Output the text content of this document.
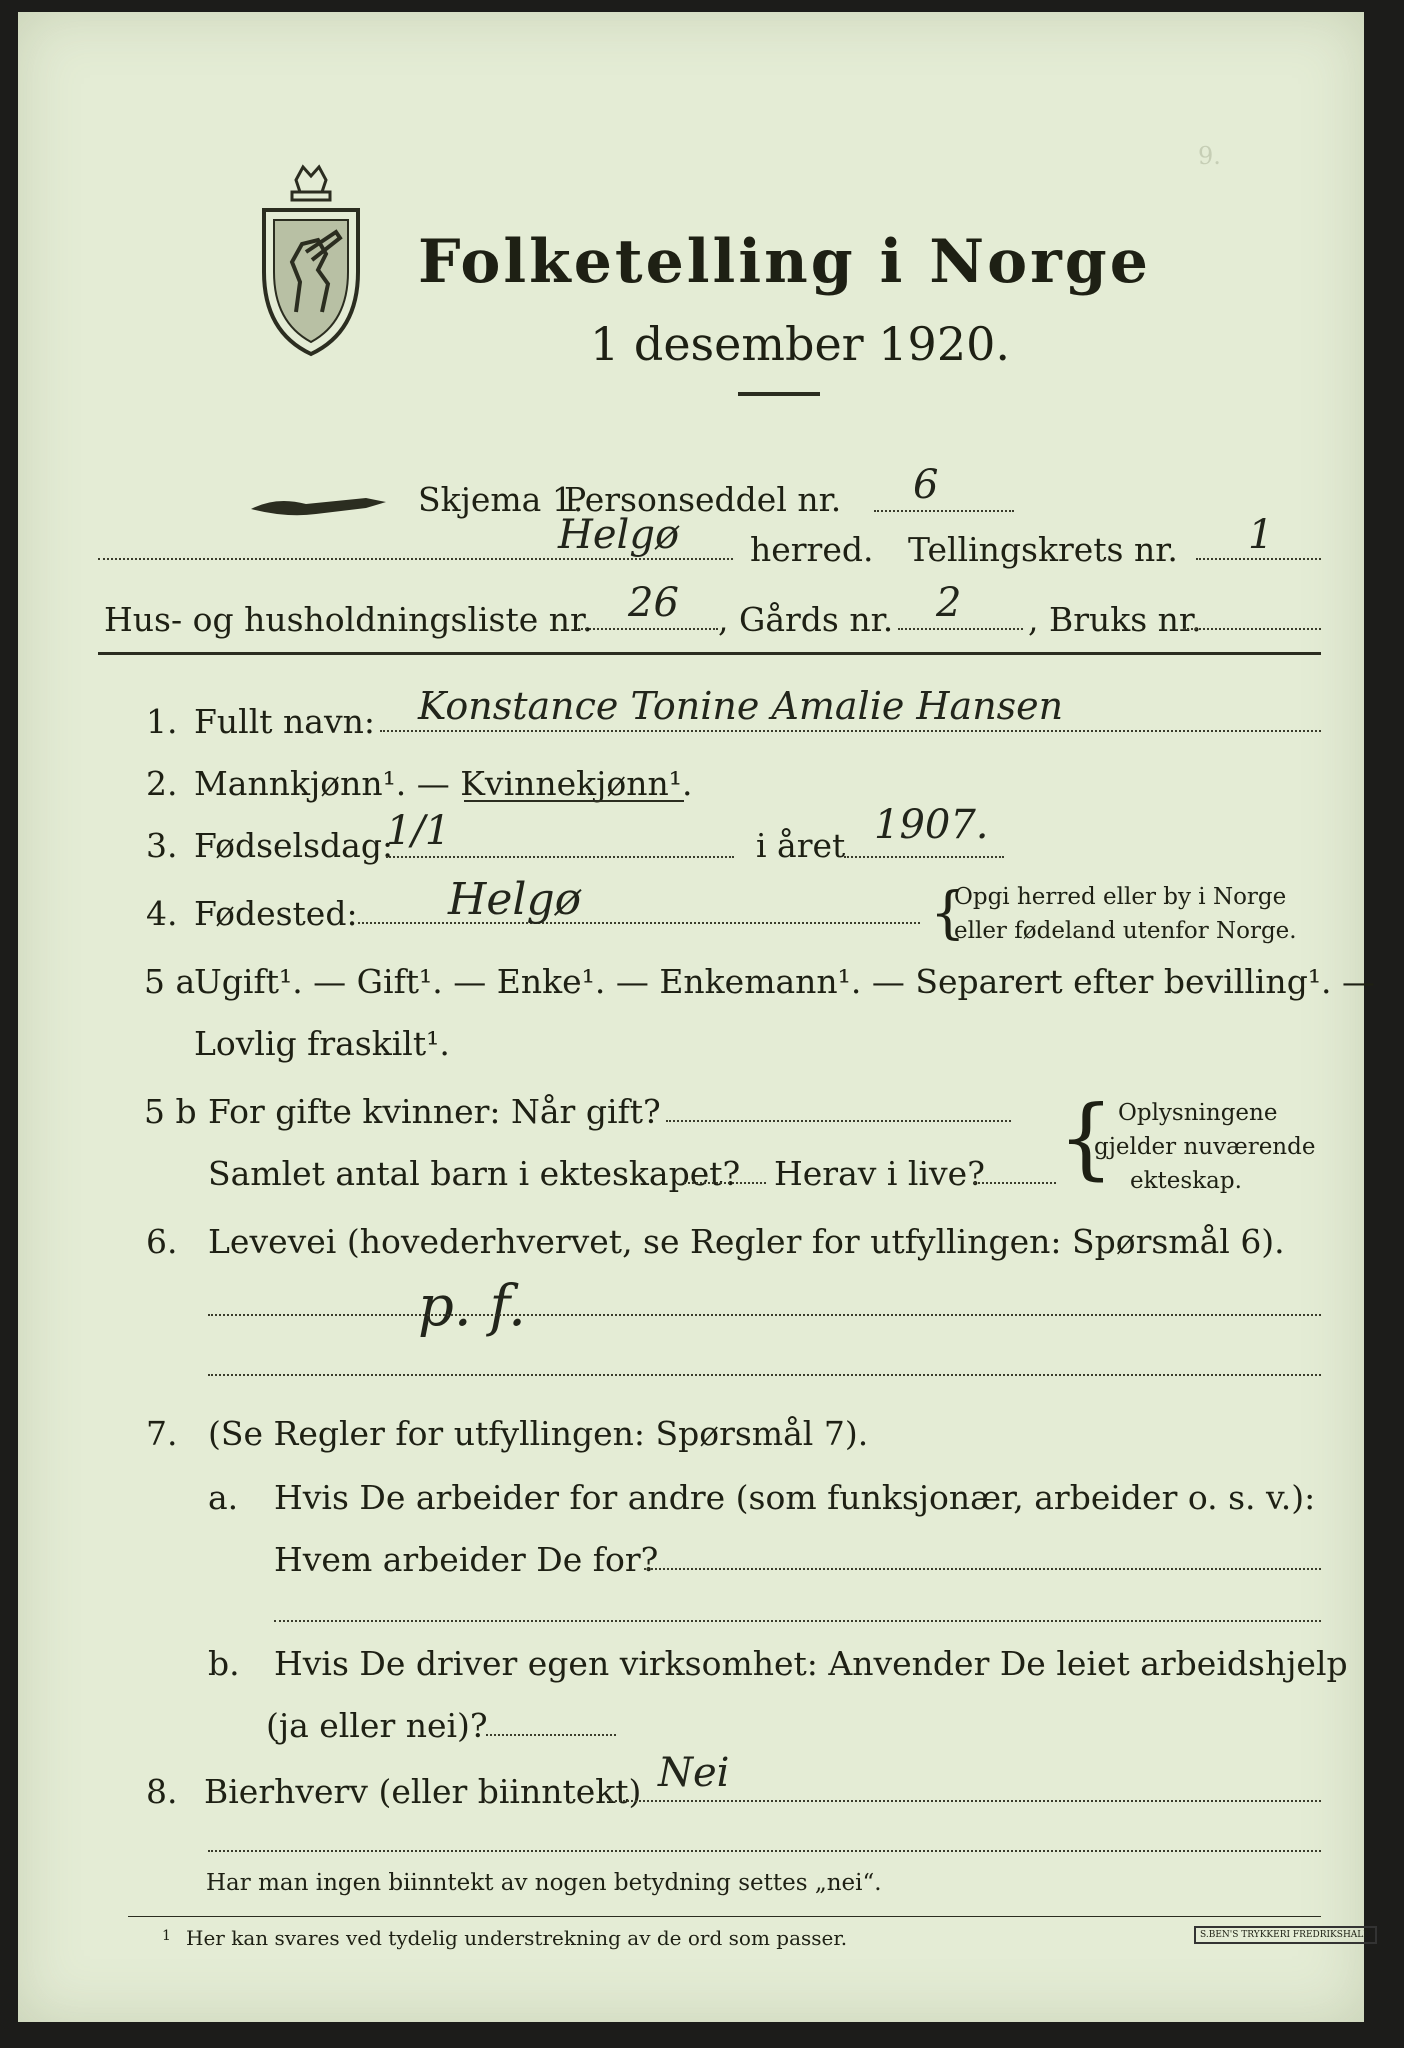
9.
Folketelling i Norge
1 desember 1920.
Skjema 1.
Personseddel nr. 6
Helgø herred. Tellingskrets nr. 1
Hus- og husholdningsliste nr. 26 , Gårds nr. 2 , Bruks nr.
1. Fullt navn: Konstance Tonine Amalie Hansen
2. Mannkjønn¹. — Kvinnekjønn¹.
3. Fødselsdag:
1/1	i året 1907.
4. Fødested: Helgø	{
Opgi herred eller by i Norge
eller fødeland utenfor Norge.
5 a
Ugift¹. — Gift¹. — Enke¹. — Enkemann¹. — Separert efter bevilling¹. —
Lovlig fraskilt¹.
5 b For gifte kvinner: Når gift?
Samlet antal barn i ekteskapet? Herav i live? { Oplysningene
gjelder nuværende
ekteskap.
6. Levevei (hovederhvervet, se Regler for utfyllingen: Spørsmål 6).
p. f.
7. (Se Regler for utfyllingen: Spørsmål 7).
a. Hvis De arbeider for andre (som funksjonær, arbeider o. s. v.):
Hvem arbeider De for?
b. Hvis De driver egen virksomhet: Anvender De leiet arbeidshjelp
(ja eller nei)?
8. Bierhverv (eller biinntekt) Nei
Har man ingen biinntekt av nogen betydning settes „nei“.
1 Her kan svares ved tydelig understrekning av de ord som passer.	S.BEN'S TRYKKERI FREDRIKSHALD
